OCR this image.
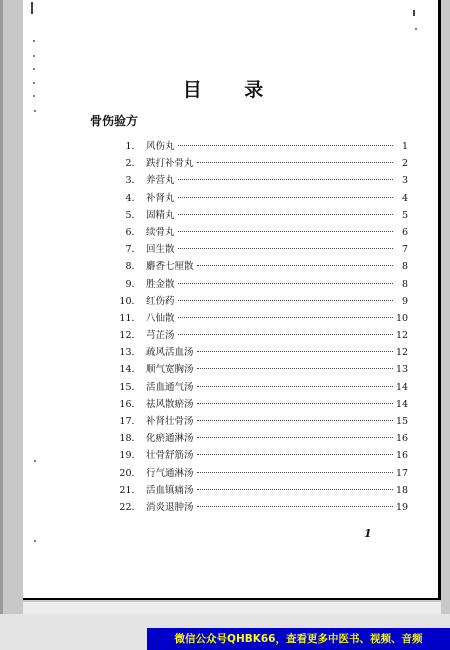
目 录
骨伤验方
1． 风伤丸	1
2． 跌打补骨丸	2
3． 养营丸	3
4． 补肾丸	4
5． 固精丸	5
6． 续骨丸	6
7． 回生散	7
8． 麝香七厘散	8
9． 胜金散	8
10． 红伤药	9
11． 八仙散	10
12． 芎芷汤	12
13． 疏风活血汤	12
14． 顺气宽胸汤	13
15． 活血通气汤	14
16． 祛风散瘀汤	14
17． 补肾壮骨汤	15
18． 化瘀通淋汤	16
19． 壮骨舒筋汤	16
20． 行气通淋汤	17
21． 活血镇痛汤	18
22． 消炎退肿汤	19
1
微信公众号QHBK66，查看更多中医书、视频、音频
